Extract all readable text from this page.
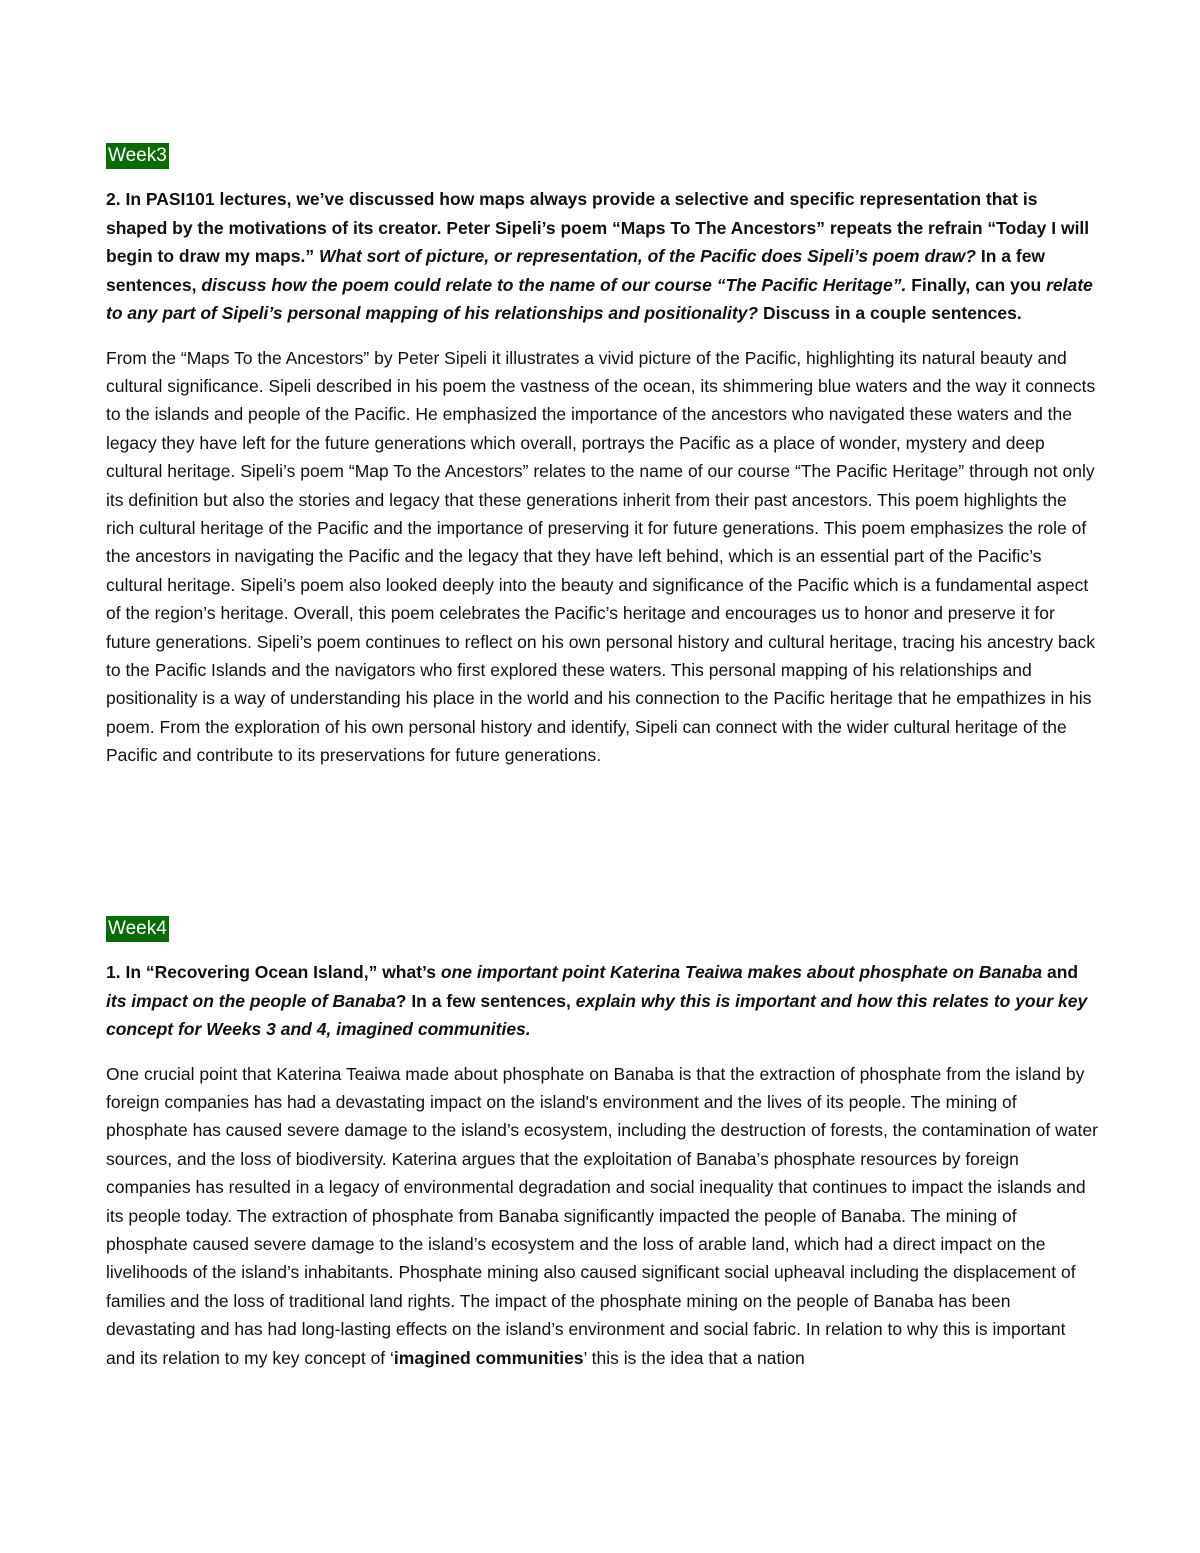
Week3

2. In PASI101 lectures, we’ve discussed how maps always provide a selective and specific representation that is shaped by the motivations of its creator. Peter Sipeli’s poem “Maps To The Ancestors” repeats the refrain “Today I will begin to draw my maps.” What sort of picture, or representation, of the Pacific does Sipeli’s poem draw? In a few sentences, discuss how the poem could relate to the name of our course “The Pacific Heritage”. Finally, can you relate to any part of Sipeli’s personal mapping of his relationships and positionality? Discuss in a couple sentences.

From the “Maps To the Ancestors” by Peter Sipeli it illustrates a vivid picture of the Pacific, highlighting its natural beauty and cultural significance. Sipeli described in his poem the vastness of the ocean, its shimmering blue waters and the way it connects to the islands and people of the Pacific. He emphasized the importance of the ancestors who navigated these waters and the legacy they have left for the future generations which overall, portrays the Pacific as a place of wonder, mystery and deep cultural heritage. Sipeli’s poem “Map To the Ancestors” relates to the name of our course “The Pacific Heritage” through not only its definition but also the stories and legacy that these generations inherit from their past ancestors. This poem highlights the rich cultural heritage of the Pacific and the importance of preserving it for future generations. This poem emphasizes the role of the ancestors in navigating the Pacific and the legacy that they have left behind, which is an essential part of the Pacific’s cultural heritage. Sipeli’s poem also looked deeply into the beauty and significance of the Pacific which is a fundamental aspect of the region’s heritage. Overall, this poem celebrates the Pacific’s heritage and encourages us to honor and preserve it for future generations. Sipeli’s poem continues to reflect on his own personal history and cultural heritage, tracing his ancestry back to the Pacific Islands and the navigators who first explored these waters. This personal mapping of his relationships and positionality is a way of understanding his place in the world and his connection to the Pacific heritage that he empathizes in his poem. From the exploration of his own personal history and identify, Sipeli can connect with the wider cultural heritage of the Pacific and contribute to its preservations for future generations.

Week4

1. In “Recovering Ocean Island,” what’s one important point Katerina Teaiwa makes about phosphate on Banaba and its impact on the people of Banaba? In a few sentences, explain why this is important and how this relates to your key concept for Weeks 3 and 4, imagined communities.

One crucial point that Katerina Teaiwa made about phosphate on Banaba is that the extraction of phosphate from the island by foreign companies has had a devastating impact on the island's environment and the lives of its people. The mining of phosphate has caused severe damage to the island’s ecosystem, including the destruction of forests, the contamination of water sources, and the loss of biodiversity. Katerina argues that the exploitation of Banaba’s phosphate resources by foreign companies has resulted in a legacy of environmental degradation and social inequality that continues to impact the islands and its people today. The extraction of phosphate from Banaba significantly impacted the people of Banaba. The mining of phosphate caused severe damage to the island’s ecosystem and the loss of arable land, which had a direct impact on the livelihoods of the island’s inhabitants. Phosphate mining also caused significant social upheaval including the displacement of families and the loss of traditional land rights. The impact of the phosphate mining on the people of Banaba has been devastating and has had long-lasting effects on the island’s environment and social fabric. In relation to why this is important and its relation to my key concept of ‘imagined communities’ this is the idea that a nation
